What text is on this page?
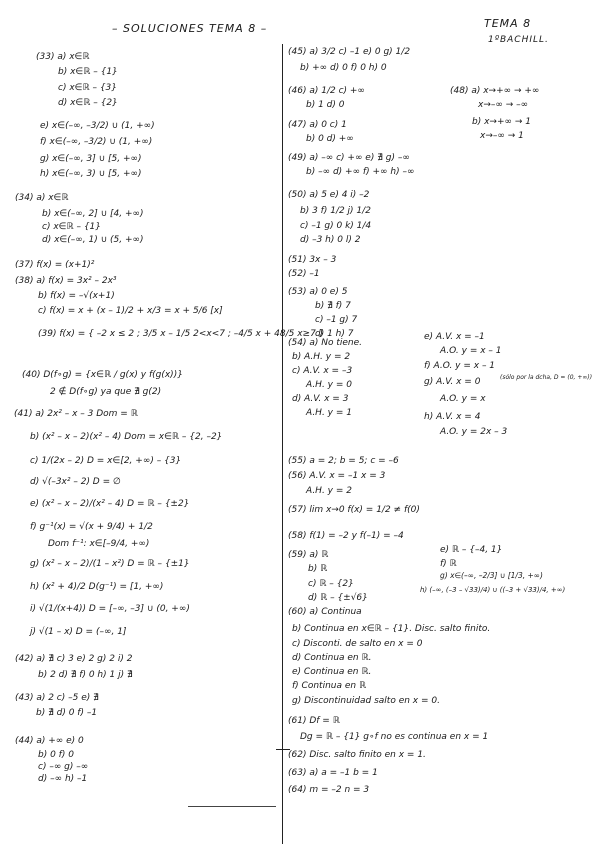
– SOLUCIONES TEMA 8 –	TEMA 8
1ºBACHILL.
(33) a) x∈ℝ
b) x∈ℝ – {1}
c) x∈ℝ – {3}
d) x∈ℝ – {2}
e) x∈(–∞, –3/2) ∪ (1, +∞)
f) x∈(–∞, –3/2) ∪ (1, +∞)
g) x∈(–∞, 3] ∪ [5, +∞)
h) x∈(–∞, 3) ∪ [5, +∞)
(34) a) x∈ℝ
b) x∈(–∞, 2] ∪ [4, +∞)
c) x∈ℝ – {1}
d) x∈(–∞, 1) ∪ (5, +∞)
(37) f(x) = (x+1)²
(38) a) f(x) = 3x² – 2x³
b) f(x) = –√(x+1)
c) f(x) = x + (x – 1)/2 + x/3 = x + 5/6 [x]
(39) f(x) = { –2 x ≤ 2 ; 3/5 x – 1/5 2<x<7 ; –4/5 x + 48/5 x≥7 }
(40) D(f∘g) = {x∈ℝ / g(x) y f(g(x))}
2 ∉ D(f∘g) ya que ∄ g(2)
(41) a) 2x² – x – 3 Dom = ℝ
b) (x² – x – 2)(x² – 4) Dom = x∈ℝ – {2, –2}
c) 1/(2x – 2) D = x∈[2, +∞) – {3}
d) √(–3x² – 2) D = ∅
e) (x² – x – 2)/(x² – 4) D = ℝ – {±2}
f) g⁻¹(x) = √(x + 9/4) + 1/2
Dom f⁻¹: x∈[–9/4, +∞)
g) (x² – x – 2)/(1 – x²) D = ℝ – {±1}
h) (x² + 4)/2 D(g⁻¹) = [1, +∞)
i) √(1/(x+4)) D = [–∞, –3] ∪ (0, +∞)
j) √(1 – x) D = (–∞, 1]
(42) a) ∄ c) 3 e) 2 g) 2 i) 2
b) 2 d) ∄ f) 0 h) 1 j) ∄
(43) a) 2 c) –5 e) ∄
b) ∄ d) 0 f) –1
(44) a) +∞ e) 0
b) 0 f) 0
c) –∞ g) –∞
d) –∞ h) –1
(45) a) 3/2 c) –1 e) 0 g) 1/2
b) +∞ d) 0 f) 0 h) 0
(46) a) 1/2 c) +∞
b) 1 d) 0
(48) a) x→+∞ → +∞
x→–∞ → –∞
b) x→+∞ → 1
x→–∞ → 1
(47) a) 0 c) 1
b) 0 d) +∞
(49) a) –∞ c) +∞ e) ∄ g) –∞
b) –∞ d) +∞ f) +∞ h) –∞
(50) a) 5 e) 4 i) –2
b) 3 f) 1/2 j) 1/2
c) –1 g) 0 k) 1/4
d) –3 h) 0 l) 2
(51) 3x – 3
(52) –1
(53) a) 0 e) 5
b) ∄ f) 7
c) –1 g) 7
d) 1 h) 7
(54) a) No tiene.
b) A.H. y = 2
c) A.V. x = –3
A.H. y = 0
d) A.V. x = 3
A.H. y = 1
e) A.V. x = –1
A.O. y = x – 1
f) A.O. y = x – 1
g) A.V. x = 0	(sólo por la dcha, D = (0, +∞))
A.O. y = x
h) A.V. x = 4
A.O. y = 2x – 3
(55) a = 2; b = 5; c = –6
(56) A.V. x = –1 x = 3
A.H. y = 2
(57) lim x→0 f(x) = 1/2 ≠ f(0)
(58) f(1) = –2 y f(–1) = –4
(59) a) ℝ
b) ℝ
c) ℝ – {2}
d) ℝ – {±√6}
e) ℝ – {–4, 1}
f) ℝ
g) x∈(–∞, –2/3] ∪ [1/3, +∞)
h) (–∞, (–3 – √33)/4) ∪ ((–3 + √33)/4, +∞)
(60) a) Continua
b) Continua en x∈ℝ – {1}. Disc. salto finito.
c) Disconti. de salto en x = 0
d) Continua en ℝ.
e) Continua en ℝ.
f) Continua en ℝ
g) Discontinuidad salto en x = 0.
(61) Df = ℝ
Dg = ℝ – {1} g∘f no es continua en x = 1
(62) Disc. salto finito en x = 1.
(63) a) a = –1 b = 1
(64) m = –2 n = 3
